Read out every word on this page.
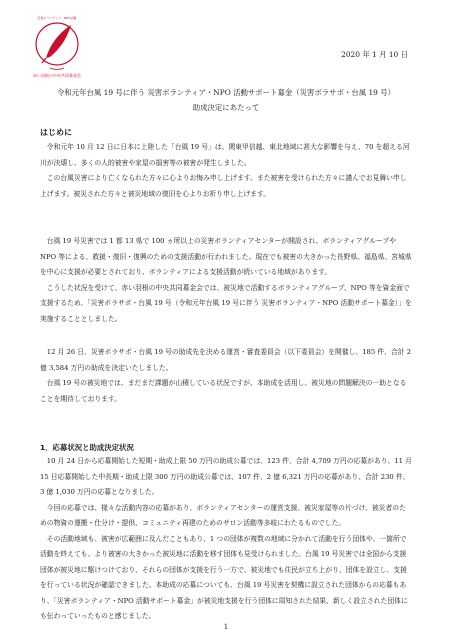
災害ボランティア・NPO活動
赤い羽根の中央共同募金会
2020 年 1 月 10 日
令和元年台風 19 号に伴う 災害ボランティア・NPO 活動サポート募金（災害ボラサポ・台風 19 号）
助成決定にあたって
はじめに

令和元年 10 月 12 日に日本に上陸した「台風 19 号」は、関東甲信越、東北地域に甚大な影響を与え、70 を超える河川が決壊し、多くの人的被害や家屋の損害等の被害が発生しました。

この台風災害により亡くなられた方々に心よりお悔み申し上げます。また被害を受けられた方々に謹んでお見舞い申し上げます。被災された方々と被災地域の復旧を心よりお祈り申し上げます。

台風 19 号災害では 1 都 13 県で 100 ヵ所以上の災害ボランティアセンターが開設され、ボランティアグループや NPO 等による、救援・復旧・復興のための支援活動が行われました。現在でも被害の大きかった長野県、福島県、宮城県を中心に支援が必要とされており、ボランティアによる支援活動が続いている地域があります。

こうした状況を受けて、赤い羽根の中央共同募金会では、被災地で活動するボランティアグループ、NPO 等を資金面で支援するため、「災害ボラサポ・台風 19 号（令和元年台風 19 号に伴う 災害ボランティア・NPO 活動サポート募金）」を実施することとしました。

12 月 26 日、災害ボラサポ・台風 19 号の助成先を決める運営・審査委員会（以下委員会）を開催し、185 件、合計 2 億 3,584 万円の助成を決定いたしました。

台風 19 号の被災地では、まだまだ課題が山積している状況ですが、本助成を活用し、被災地の問題解決の一助となることを期待しております。

1．応募状況と助成決定状況

10 月 24 日から応募開始した短期・助成上限 50 万円の助成公募では、123 件、合計 4,709 万円の応募があり、11 月 15 日応募開始した中長期・助成上限 300 万円の助成公募では、107 件、2 億 6,321 万円の応募があり、合計 230 件、3 億 1,030 万円の応募となりました。

今回の応募では、様々な活動内容の応募があり、ボランティアセンターの運営支援、被災家屋等の片づけ、被災者のための物資の運搬・仕分け・提供、コミュニティ再建のためのサロン活動等多岐にわたるものでした。

その活動地域も、被害が広範囲に及んだこともあり、1 つの団体が複数の地域に分かれて活動を行う団体や、一箇所で活動を終えても、より被害の大きかった被災地に活動を移す団体も見受けられました。台風 19 号災害では全国から支援団体が被災地に駆けつけており、それらの団体が支援を行う一方で、被災地でも住民が立ち上がり、団体を設立し、支援を行っている状況が確認できました。本助成の応募についても、台風 19 号災害を契機に設立された団体からの応募もあり、「災害ボランティア・NPO 活動サポート募金」が被災地支援を行う団体に周知された結果、新しく設立された団体にも伝わっていったものと感じました。

1
